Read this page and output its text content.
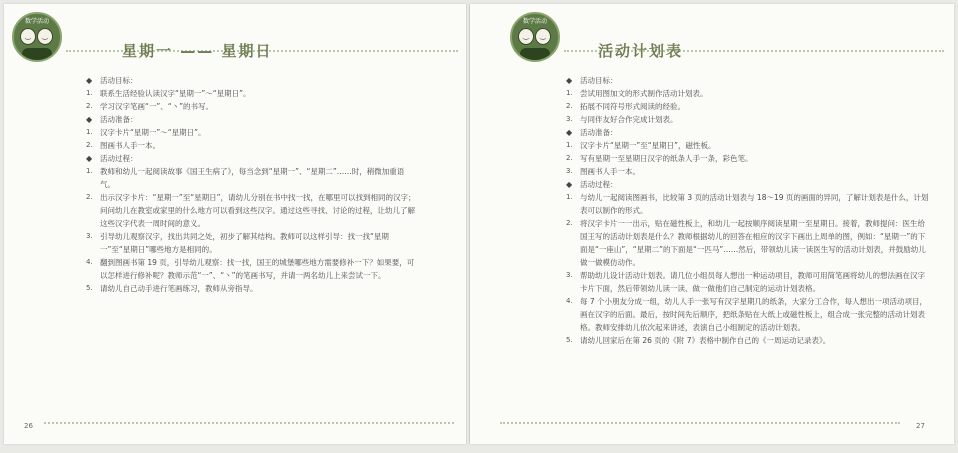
数学活动
‿	‿
星期一 —— 星期日
◆	活动目标：
1. 联系生活经验认读汉字“星期一”～“星期日”。
2. 学习汉字笔画“一”、“丶”的书写。
◆	活动准备：
1. 汉字卡片“星期一”～“星期日”。
2. 图画书人手一本。
◆	活动过程：
1. 教师和幼儿一起阅读故事《国王生病了》，每当念到“星期一”、“星期二”……时，稍微加重语气。
2. 出示汉字卡片：“星期一”至“星期日”，请幼儿分别在书中找一找，在哪里可以找到相同的汉字；问问幼儿在教室或家里的什么地方可以看到这些汉字。通过这些寻找、讨论的过程，让幼儿了解这些汉字代表一周时间的意义。
3. 引导幼儿观察汉字，找出共同之处，初步了解其结构。教师可以这样引导：找一找“星期一”至“星期日”哪些地方是相同的。
4. 翻到图画书第 19 页，引导幼儿观察：找一找，国王的城堡哪些地方需要修补一下？如果要，可以怎样进行修补呢？教师示范“一”、“丶”的笔画书写，并请一两名幼儿上来尝试一下。
5. 请幼儿自己动手进行笔画练习，教师从旁指导。
26
数学活动
‿	‿
活动计划表
◆	活动目标：
1. 尝试用图加文的形式制作活动计划表。
2. 拓展不同符号形式阅读的经验。
3. 与同伴友好合作完成计划表。
◆	活动准备：
1. 汉字卡片“星期一”至“星期日”，磁性板。
2. 写有星期一至星期日汉字的纸条人手一条，彩色笔。
3. 图画书人手一本。
◆	活动过程：
1. 与幼儿一起阅读图画书，比较第 3 页的活动计划表与 18～19 页的画面的异同，了解计划表是什么，计划表可以制作的形式。
2. 将汉字卡片一一出示，贴在磁性板上，和幼儿一起按顺序阅读星期一至星期日。接着，教师提问：医生给国王写的活动计划表是什么？教师根据幼儿的回答在相应的汉字下画出上周单的图，例如：“星期一”的下面是“一座山”，“星期二”的下面是“一匹马”……然后，带领幼儿读一读医生写的活动计划表，并鼓励幼儿做一做模仿动作。
3. 帮助幼儿设计活动计划表。请几位小组员每人想出一种运动项目，教师可用简笔画将幼儿的想法画在汉字卡片下面，然后带领幼儿读一读、做一做他们自己制定的运动计划表格。
4. 每 7 个小朋友分成一组，幼儿人手一张写有汉字星期几的纸条，大家分工合作，每人想出一项活动项目，画在汉字的后面。最后，按时间先后顺序，把纸条贴在大纸上或磁性板上，组合成一张完整的活动计划表格。教师安排幼儿依次起来讲述，表演自己小组制定的活动计划表。
5. 请幼儿回家后在第 26 页的《附 7》表格中制作自己的《一周运动记录表》。
27
